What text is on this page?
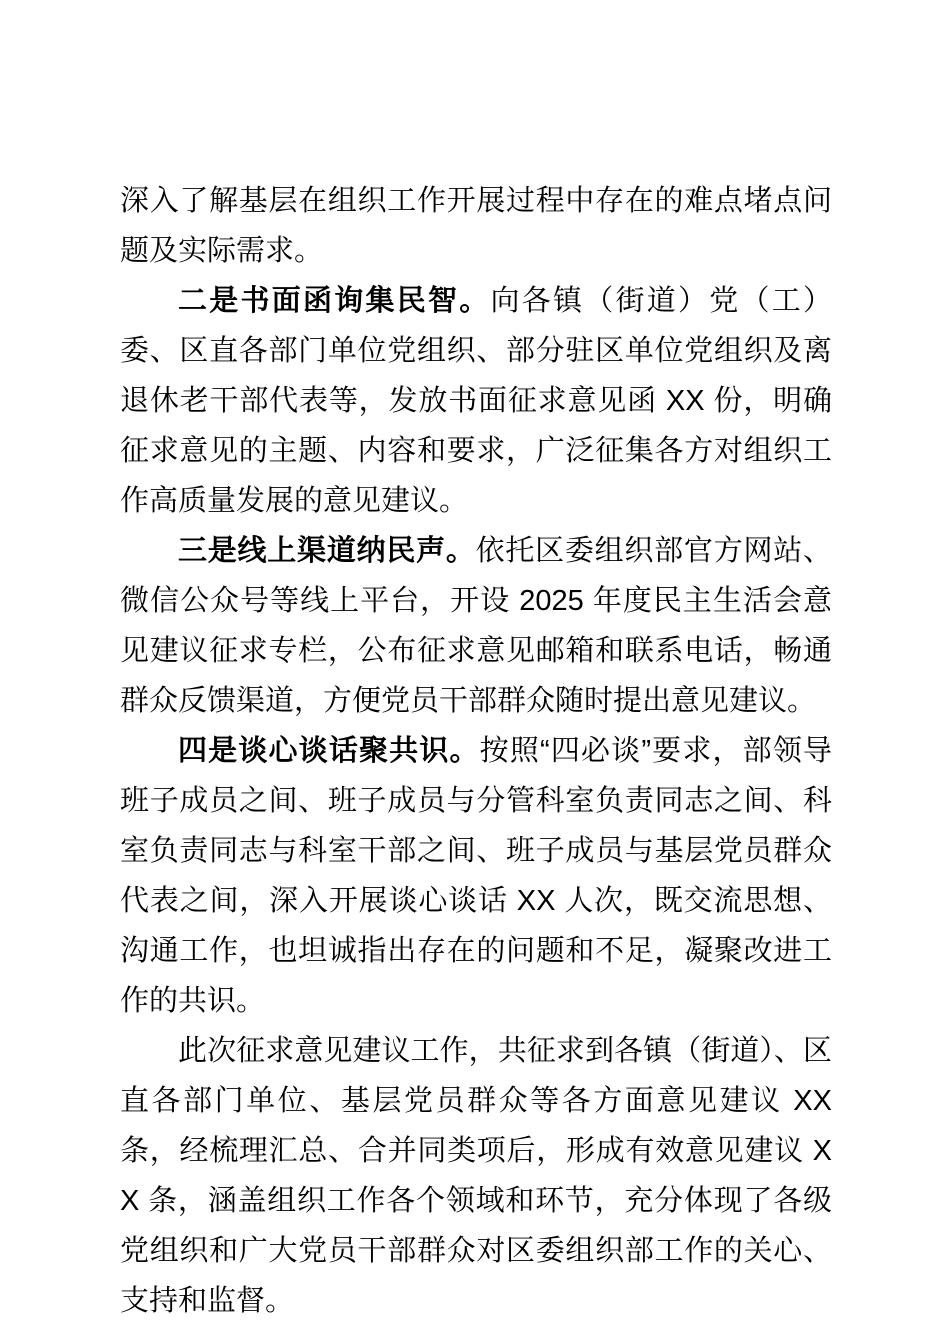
深入了解基层在组织工作开展过程中存在的难点堵点问题及实际需求。

二是书面函询集民智。向各镇（街道）党（工）委、区直各部门单位党组织、部分驻区单位党组织及离退休老干部代表等，发放书面征求意见函 XX 份，明确征求意见的主题、内容和要求，广泛征集各方对组织工作高质量发展的意见建议。

三是线上渠道纳民声。依托区委组织部官方网站、微信公众号等线上平台，开设 2025 年度民主生活会意见建议征求专栏，公布征求意见邮箱和联系电话，畅通群众反馈渠道，方便党员干部群众随时提出意见建议。

四是谈心谈话聚共识。按照“四必谈”要求，部领导班子成员之间、班子成员与分管科室负责同志之间、科室负责同志与科室干部之间、班子成员与基层党员群众代表之间，深入开展谈心谈话 XX 人次，既交流思想、沟通工作，也坦诚指出存在的问题和不足，凝聚改进工作的共识。

此次征求意见建议工作，共征求到各镇（街道）、区直各部门单位、基层党员群众等各方面意见建议 XX 条，经梳理汇总、合并同类项后，形成有效意见建议 XX 条，涵盖组织工作各个领域和环节，充分体现了各级党组织和广大党员干部群众对区委组织部工作的关心、支持和监督。
